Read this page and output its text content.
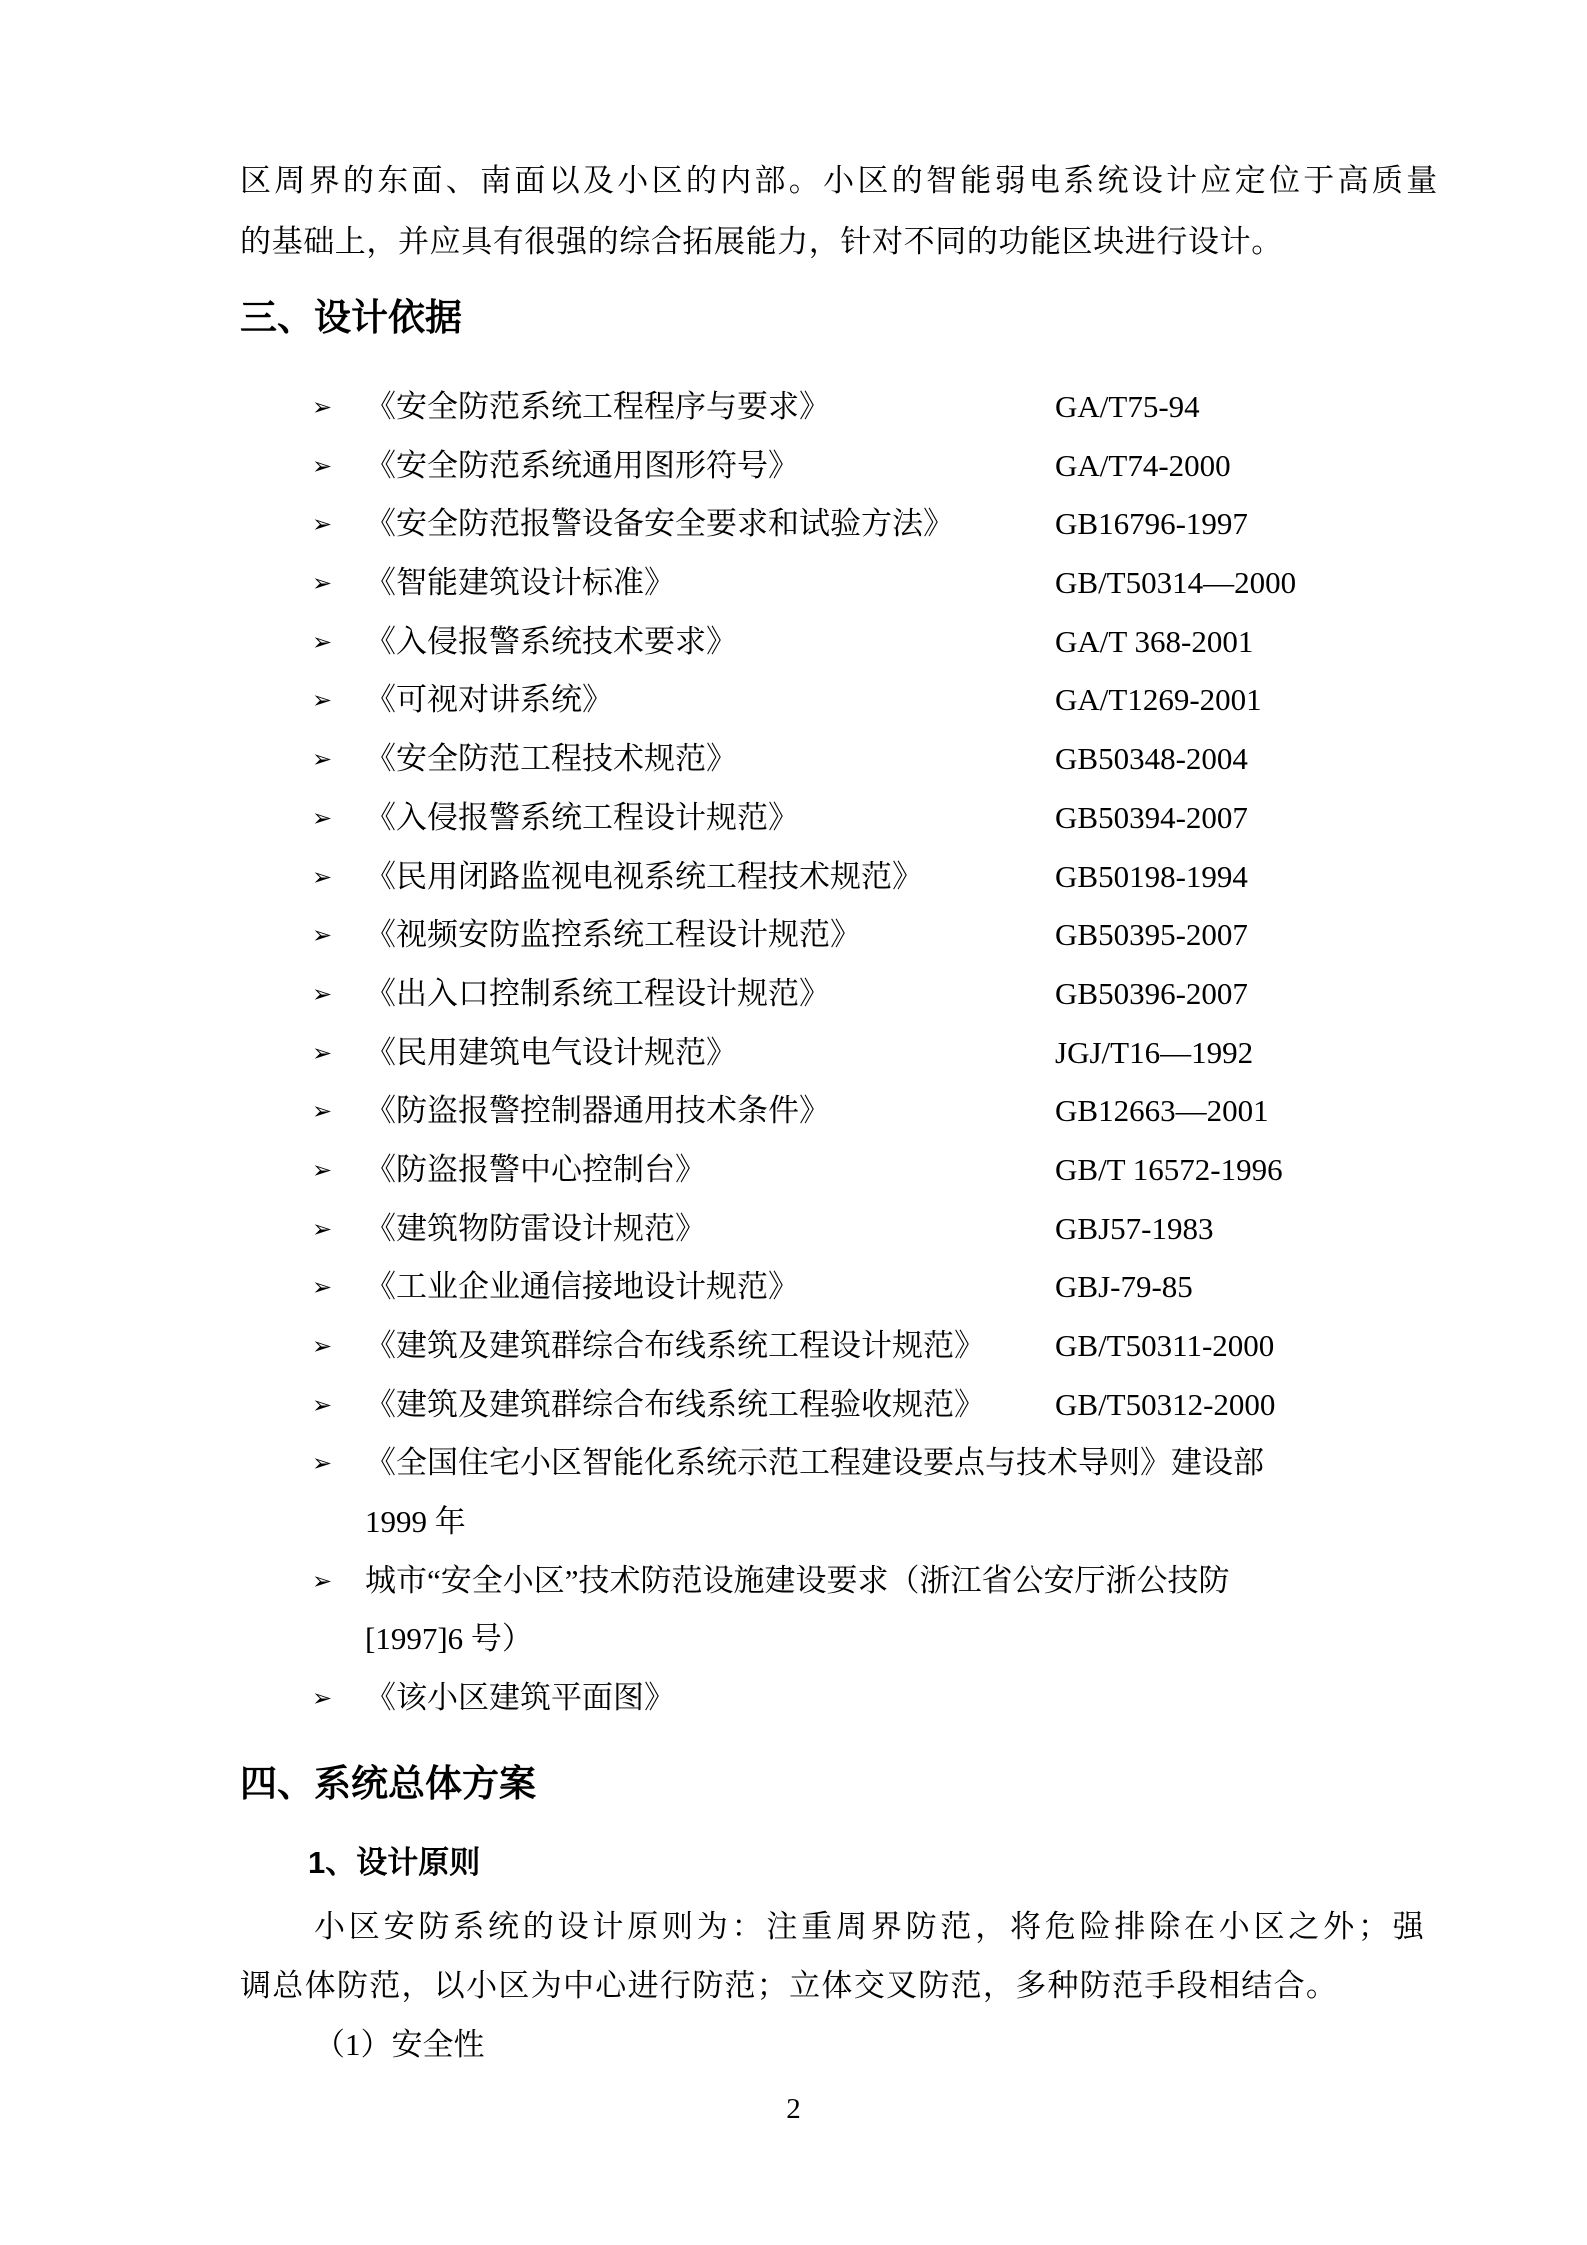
区周界的东面、南面以及小区的内部。小区的智能弱电系统设计应定位于高质量
的基础上，并应具有很强的综合拓展能力，针对不同的功能区块进行设计。
三、设计依据
➢ 《安全防范系统工程程序与要求》	GA/T75-94
➢ 《安全防范系统通用图形符号》	GA/T74-2000
➢ 《安全防范报警设备安全要求和试验方法》	GB16796-1997
➢ 《智能建筑设计标准》	GB/T50314—2000
➢ 《入侵报警系统技术要求》	GA/T 368-2001
➢ 《可视对讲系统》	GA/T1269-2001
➢ 《安全防范工程技术规范》	GB50348-2004
➢ 《入侵报警系统工程设计规范》	GB50394-2007
➢ 《民用闭路监视电视系统工程技术规范》	GB50198-1994
➢ 《视频安防监控系统工程设计规范》	GB50395-2007
➢ 《出入口控制系统工程设计规范》	GB50396-2007
➢ 《民用建筑电气设计规范》	JGJ/T16—1992
➢ 《防盗报警控制器通用技术条件》	GB12663—2001
➢ 《防盗报警中心控制台》	GB/T 16572-1996
➢ 《建筑物防雷设计规范》	GBJ57-1983
➢ 《工业企业通信接地设计规范》	GBJ-79-85
➢ 《建筑及建筑群综合布线系统工程设计规范》 GB/T50311-2000
➢ 《建筑及建筑群综合布线系统工程验收规范》 GB/T50312-2000
➢ 《全国住宅小区智能化系统示范工程建设要点与技术导则》建设部
1999 年
➢ 城市“安全小区”技术防范设施建设要求（浙江省公安厅浙公技防
[1997]6 号）
➢ 《该小区建筑平面图》
四、系统总体方案
1、设计原则
小区安防系统的设计原则为：注重周界防范，将危险排除在小区之外；强
调总体防范，以小区为中心进行防范；立体交叉防范，多种防范手段相结合。
（1）安全性
2
